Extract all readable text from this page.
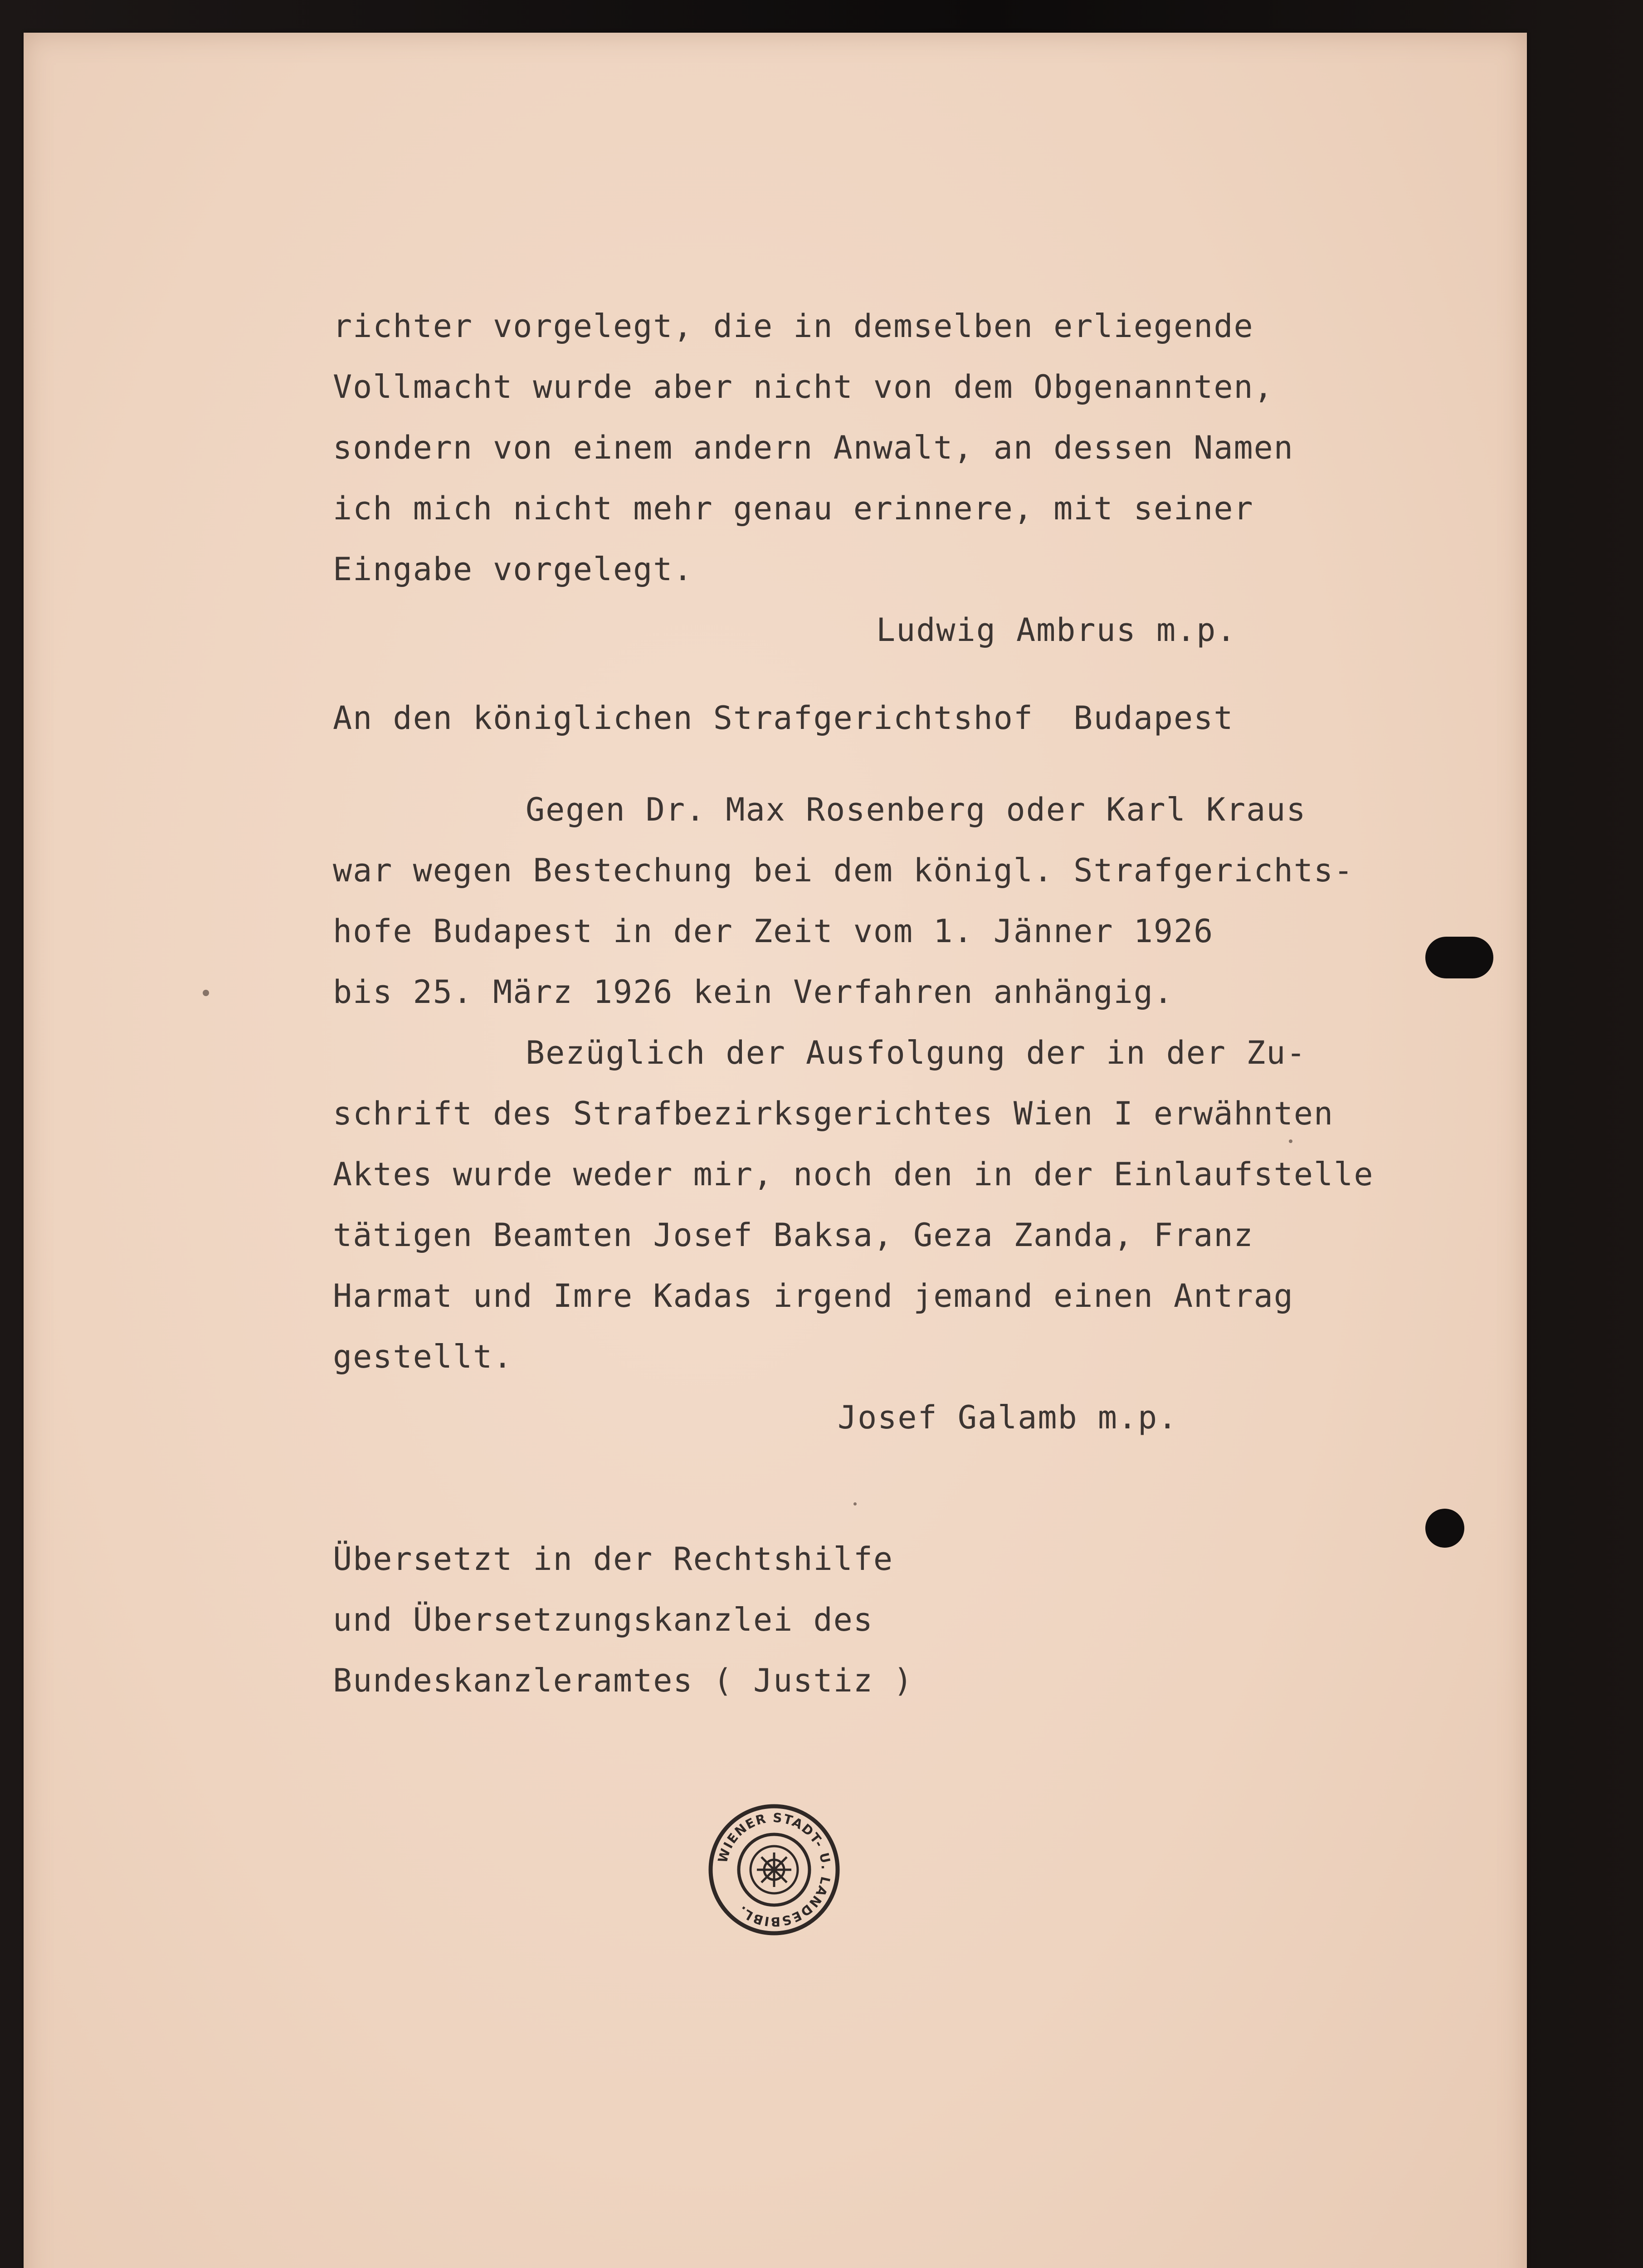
richter vorgelegt, die in demselben erliegende

Vollmacht wurde aber nicht von dem Obgenannten,

sondern von einem andern Anwalt, an dessen Namen

ich mich nicht mehr genau erinnere, mit seiner

Eingabe vorgelegt.

Ludwig Ambrus m.p.

An den königlichen Strafgerichtshof  Budapest

Gegen Dr. Max Rosenberg oder Karl Kraus

war wegen Bestechung bei dem königl. Strafgerichts-

hofe Budapest in der Zeit vom 1. Jänner 1926

bis 25. März 1926 kein Verfahren anhängig.

Bezüglich der Ausfolgung der in der Zu-

schrift des Strafbezirksgerichtes Wien I erwähnten

Aktes wurde weder mir, noch den in der Einlaufstelle

tätigen Beamten Josef Baksa, Geza Zanda, Franz

Harmat und Imre Kadas irgend jemand einen Antrag

gestellt.

Josef Galamb m.p.

Übersetzt in der Rechtshilfe

und Übersetzungskanzlei des

Bundeskanzleramtes ( Justiz )

WIENER STADT- U. LANDESBIBL.
